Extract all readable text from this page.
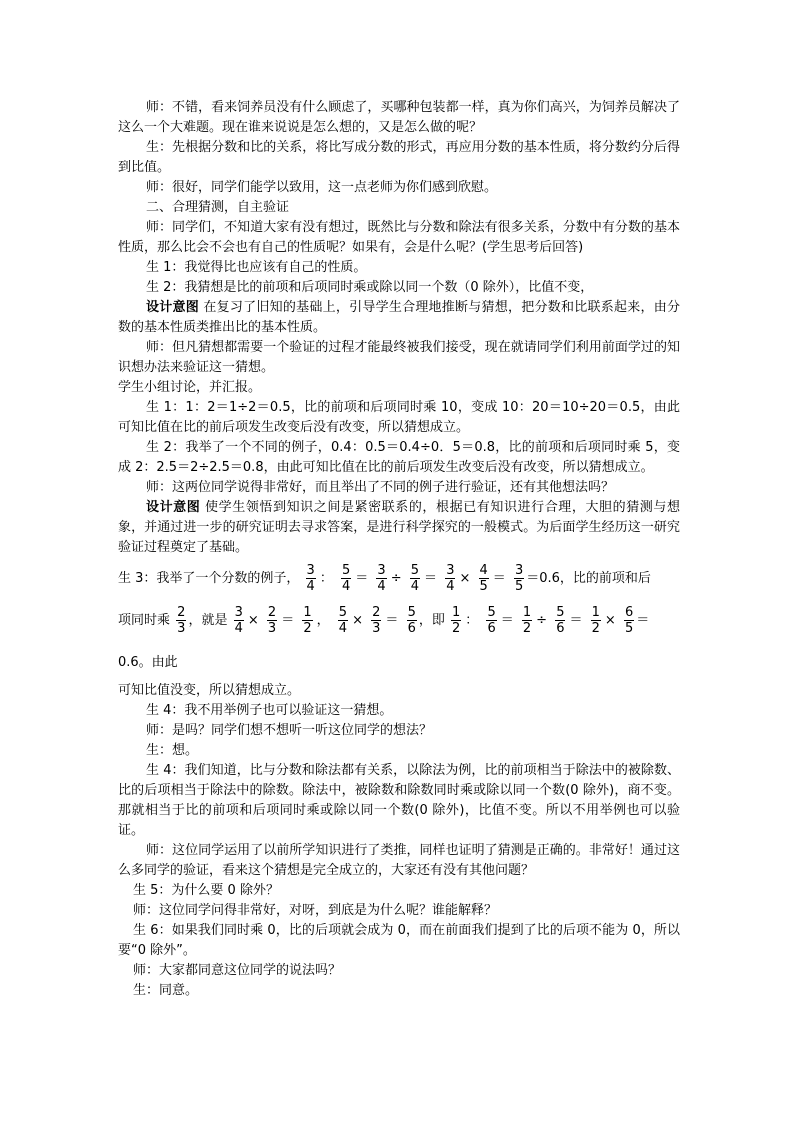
师：不错，看来饲养员没有什么顾虑了，买哪种包装都一样，真为你们高兴，为饲养员解决了这么一个大难题。现在谁来说说是怎么想的，又是怎么做的呢？

生：先根据分数和比的关系，将比写成分数的形式，再应用分数的基本性质，将分数约分后得到比值。

师：很好，同学们能学以致用，这一点老师为你们感到欣慰。

二、合理猜测，自主验证

师：同学们，不知道大家有没有想过，既然比与分数和除法有很多关系，分数中有分数的基本性质，那么比会不会也有自己的性质呢？如果有，会是什么呢？(学生思考后回答)

生 1：我觉得比也应该有自己的性质。

生 2：我猜想是比的前项和后项同时乘或除以同一个数（0 除外），比值不变，

设计意图 在复习了旧知的基础上，引导学生合理地推断与猜想，把分数和比联系起来，由分数的基本性质类推出比的基本性质。

师：但凡猜想都需要一个验证的过程才能最终被我们接受，现在就请同学们利用前面学过的知识想办法来验证这一猜想。

学生小组讨论，并汇报。

生 1：1：2＝1÷2＝0.5，比的前项和后项同时乘 10，变成 10：20＝10÷20＝0.5，由此可知比值在比的前后项发生改变后没有改变，所以猜想成立。

生 2：我举了一个不同的例子，0.4：0.5＝0.4÷0．5＝0.8，比的前项和后项同时乘 5，变成 2：2.5＝2÷2.5＝0.8，由此可知比值在比的前后项发生改变后没有改变，所以猜想成立。

师：这两位同学说得非常好，而且举出了不同的例子进行验证，还有其他想法吗？

设计意图 使学生领悟到知识之间是紧密联系的，根据已有知识进行合理，大胆的猜测与想象，并通过进一步的研究证明去寻求答案，是进行科学探究的一般模式。为后面学生经历这一研究验证过程奠定了基础。

生 3：我举了一个分数的例子， $\frac{3}{4}$ ： $\frac{5}{4} = \frac{3}{4} \div \frac{5}{4} = \frac{3}{4} \times \frac{4}{5} = \frac{3}{5} =0.6$，比的前项和后

项同时乘 $\frac{2}{3}$ ，就是 $\frac{3}{4} \times \frac{2}{3} = \frac{1}{2}$ ， $\frac{5}{4} \times \frac{2}{3} = \frac{5}{6}$ ，即 $\frac{1}{2}$ ： $\frac{5}{6} = \frac{1}{2} \div \frac{5}{6} = \frac{1}{2} \times \frac{6}{5} =0.6$。由此

可知比值没变，所以猜想成立。

生 4：我不用举例子也可以验证这一猜想。

师：是吗？同学们想不想听一听这位同学的想法？

生：想。

生 4：我们知道，比与分数和除法都有关系，以除法为例，比的前项相当于除法中的被除数、比的后项相当于除法中的除数。除法中，被除数和除数同时乘或除以同一个数(0 除外)，商不变。那就相当于比的前项和后项同时乘或除以同一个数(0 除外)，比值不变。所以不用举例也可以验证。

师：这位同学运用了以前所学知识进行了类推，同样也证明了猜测是正确的。非常好！通过这么多同学的验证，看来这个猜想是完全成立的，大家还有没有其他问题？

生 5：为什么要 0 除外？

师：这位同学问得非常好，对呀，到底是为什么呢？谁能解释？

生 6：如果我们同时乘 0，比的后项就会成为 0，而在前面我们提到了比的后项不能为 0，所以要“0 除外”。

师：大家都同意这位同学的说法吗？

生：同意。
